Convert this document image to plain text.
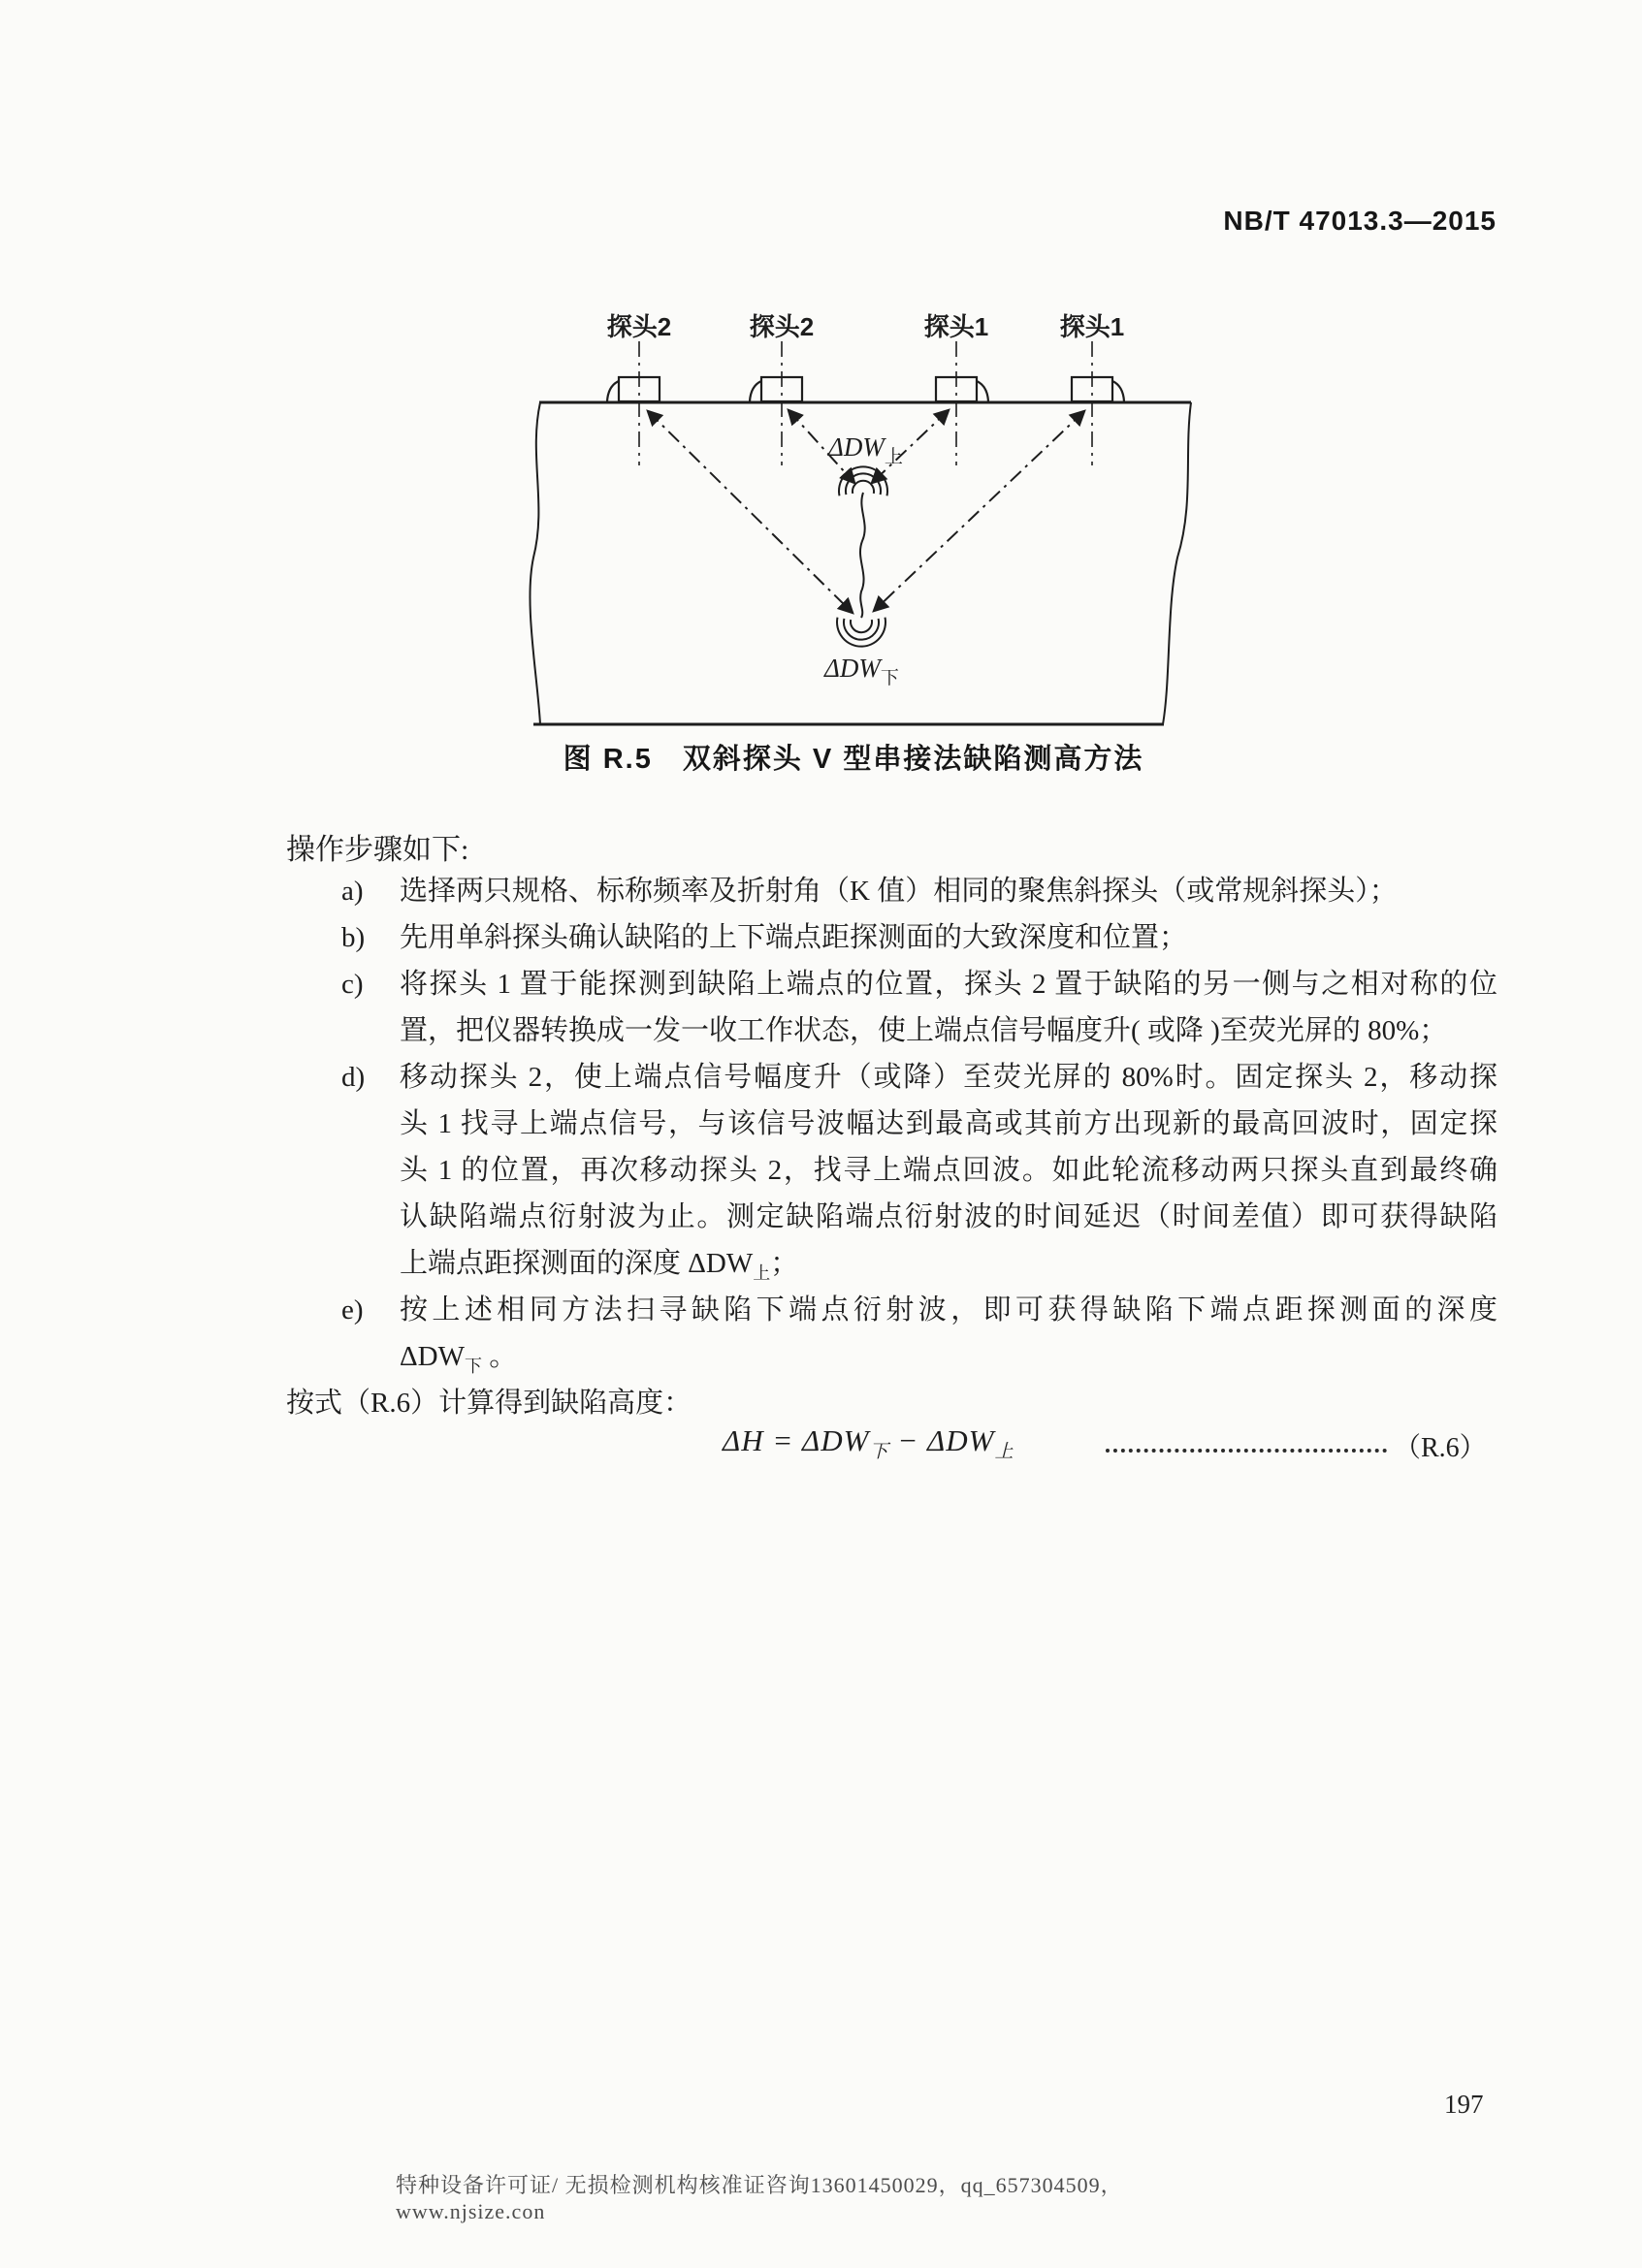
NB/T 47013.3—2015
探头2	探头2	探头1	探头1
$\Delta DW_上$
$\Delta DW_下$
图 R.5　双斜探头 V 型串接法缺陷测高方法
操作步骤如下:
a) 选择两只规格、标称频率及折射角（K 值）相同的聚焦斜探头（或常规斜探头）；
b) 先用单斜探头确认缺陷的上下端点距探测面的大致深度和位置；
c) 将探头 1 置于能探测到缺陷上端点的位置，探头 2 置于缺陷的另一侧与之相对称的位
置，把仪器转换成一发一收工作状态，使上端点信号幅度升( 或降 )至荧光屏的 80%；
d) 移动探头 2，使上端点信号幅度升（或降）至荧光屏的 80%时。固定探头 2，移动探
头 1 找寻上端点信号，与该信号波幅达到最高或其前方出现新的最高回波时，固定探
头 1 的位置，再次移动探头 2，找寻上端点回波。如此轮流移动两只探头直到最终确
认缺陷端点衍射波为止。测定缺陷端点衍射波的时间延迟（时间差值）即可获得缺陷
上端点距探测面的深度 $\Delta DW_上$；
e) 按上述相同方法扫寻缺陷下端点衍射波，即可获得缺陷下端点距探测面的深度
$\Delta DW_下$ 。
按式（R.6）计算得到缺陷高度：
$\Delta H = \Delta DW_下 - \Delta DW_上$	（R.6）
197
特种设备许可证/ 无损检测机构核准证咨询13601450029，qq_657304509，www.njsize.con
